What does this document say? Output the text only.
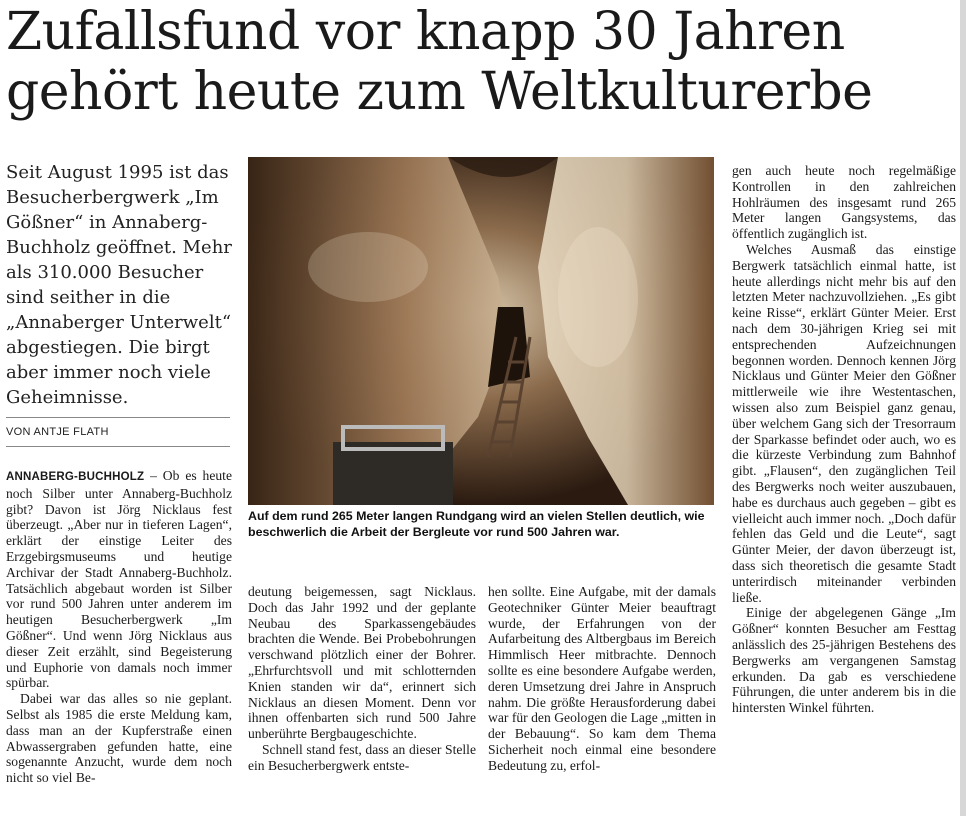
Zufallsfund vor knapp 30 Jahren
gehört heute zum Weltkulturerbe

Seit August 1995 ist das Besucherbergwerk „Im Gößner“ in Annaberg-Buchholz geöffnet. Mehr als 310.000 Besucher sind seither in die „Annaberger Unterwelt“ abgestiegen. Die birgt aber immer noch viele Geheimnisse.

VON ANTJE FLATH

ANNABERG-BUCHHOLZ – Ob es heute noch Silber unter Annaberg-Buchholz gibt? Davon ist Jörg Nicklaus fest überzeugt. „Aber nur in tieferen Lagen“, erklärt der einstige Leiter des Erzgebirgsmuseums und heutige Archivar der Stadt Annaberg-Buchholz. Tatsächlich abgebaut worden ist Silber vor rund 500 Jahren unter anderem im heutigen Besucherbergwerk „Im Gößner“. Und wenn Jörg Nicklaus aus dieser Zeit erzählt, sind Begeisterung und Euphorie von damals noch immer spürbar.

Dabei war das alles so nie geplant. Selbst als 1985 die erste Meldung kam, dass man an der Kupferstraße einen Abwassergraben gefunden hatte, eine sogenannte Anzucht, wurde dem noch nicht so viel Be-

Auf dem rund 265 Meter langen Rundgang wird an vielen Stellen deutlich, wie beschwerlich die Arbeit der Bergleute vor rund 500 Jahren war.

deutung beigemessen, sagt Nicklaus. Doch das Jahr 1992 und der geplante Neubau des Sparkassengebäudes brachten die Wende. Bei Probebohrungen verschwand plötzlich einer der Bohrer. „Ehrfurchtsvoll und mit schlotternden Knien standen wir da“, erinnert sich Nicklaus an diesen Moment. Denn vor ihnen offenbarten sich rund 500 Jahre unberührte Bergbaugeschichte.

Schnell stand fest, dass an dieser Stelle ein Besucherbergwerk entste-

hen sollte. Eine Aufgabe, mit der damals Geotechniker Günter Meier beauftragt wurde, der Erfahrungen von der Aufarbeitung des Altbergbaus im Bereich Himmlisch Heer mitbrachte. Dennoch sollte es eine besondere Aufgabe werden, deren Umsetzung drei Jahre in Anspruch nahm. Die größte Herausforderung dabei war für den Geologen die Lage „mitten in der Bebauung“. So kam dem Thema Sicherheit noch einmal eine besondere Bedeutung zu, erfol-

gen auch heute noch regelmäßige Kontrollen in den zahlreichen Hohlräumen des insgesamt rund 265 Meter langen Gangsystems, das öffentlich zugänglich ist.

Welches Ausmaß das einstige Bergwerk tatsächlich einmal hatte, ist heute allerdings nicht mehr bis auf den letzten Meter nachzuvollziehen. „Es gibt keine Risse“, erklärt Günter Meier. Erst nach dem 30-jährigen Krieg sei mit entsprechenden Aufzeichnungen begonnen worden. Dennoch kennen Jörg Nicklaus und Günter Meier den Gößner mittlerweile wie ihre Westentaschen, wissen also zum Beispiel ganz genau, über welchem Gang sich der Tresorraum der Sparkasse befindet oder auch, wo es die kürzeste Verbindung zum Bahnhof gibt. „Flausen“, den zugänglichen Teil des Bergwerks noch weiter auszubauen, habe es durchaus auch gegeben – gibt es vielleicht auch immer noch. „Doch dafür fehlen das Geld und die Leute“, sagt Günter Meier, der davon überzeugt ist, dass sich theoretisch die gesamte Stadt unterirdisch miteinander verbinden ließe.

Einige der abgelegenen Gänge „Im Gößner“ konnten Besucher am Festtag anlässlich des 25-jährigen Bestehens des Bergwerks am vergangenen Samstag erkunden. Da gab es verschiedene Führungen, die unter anderem bis in die hintersten Winkel führten.
